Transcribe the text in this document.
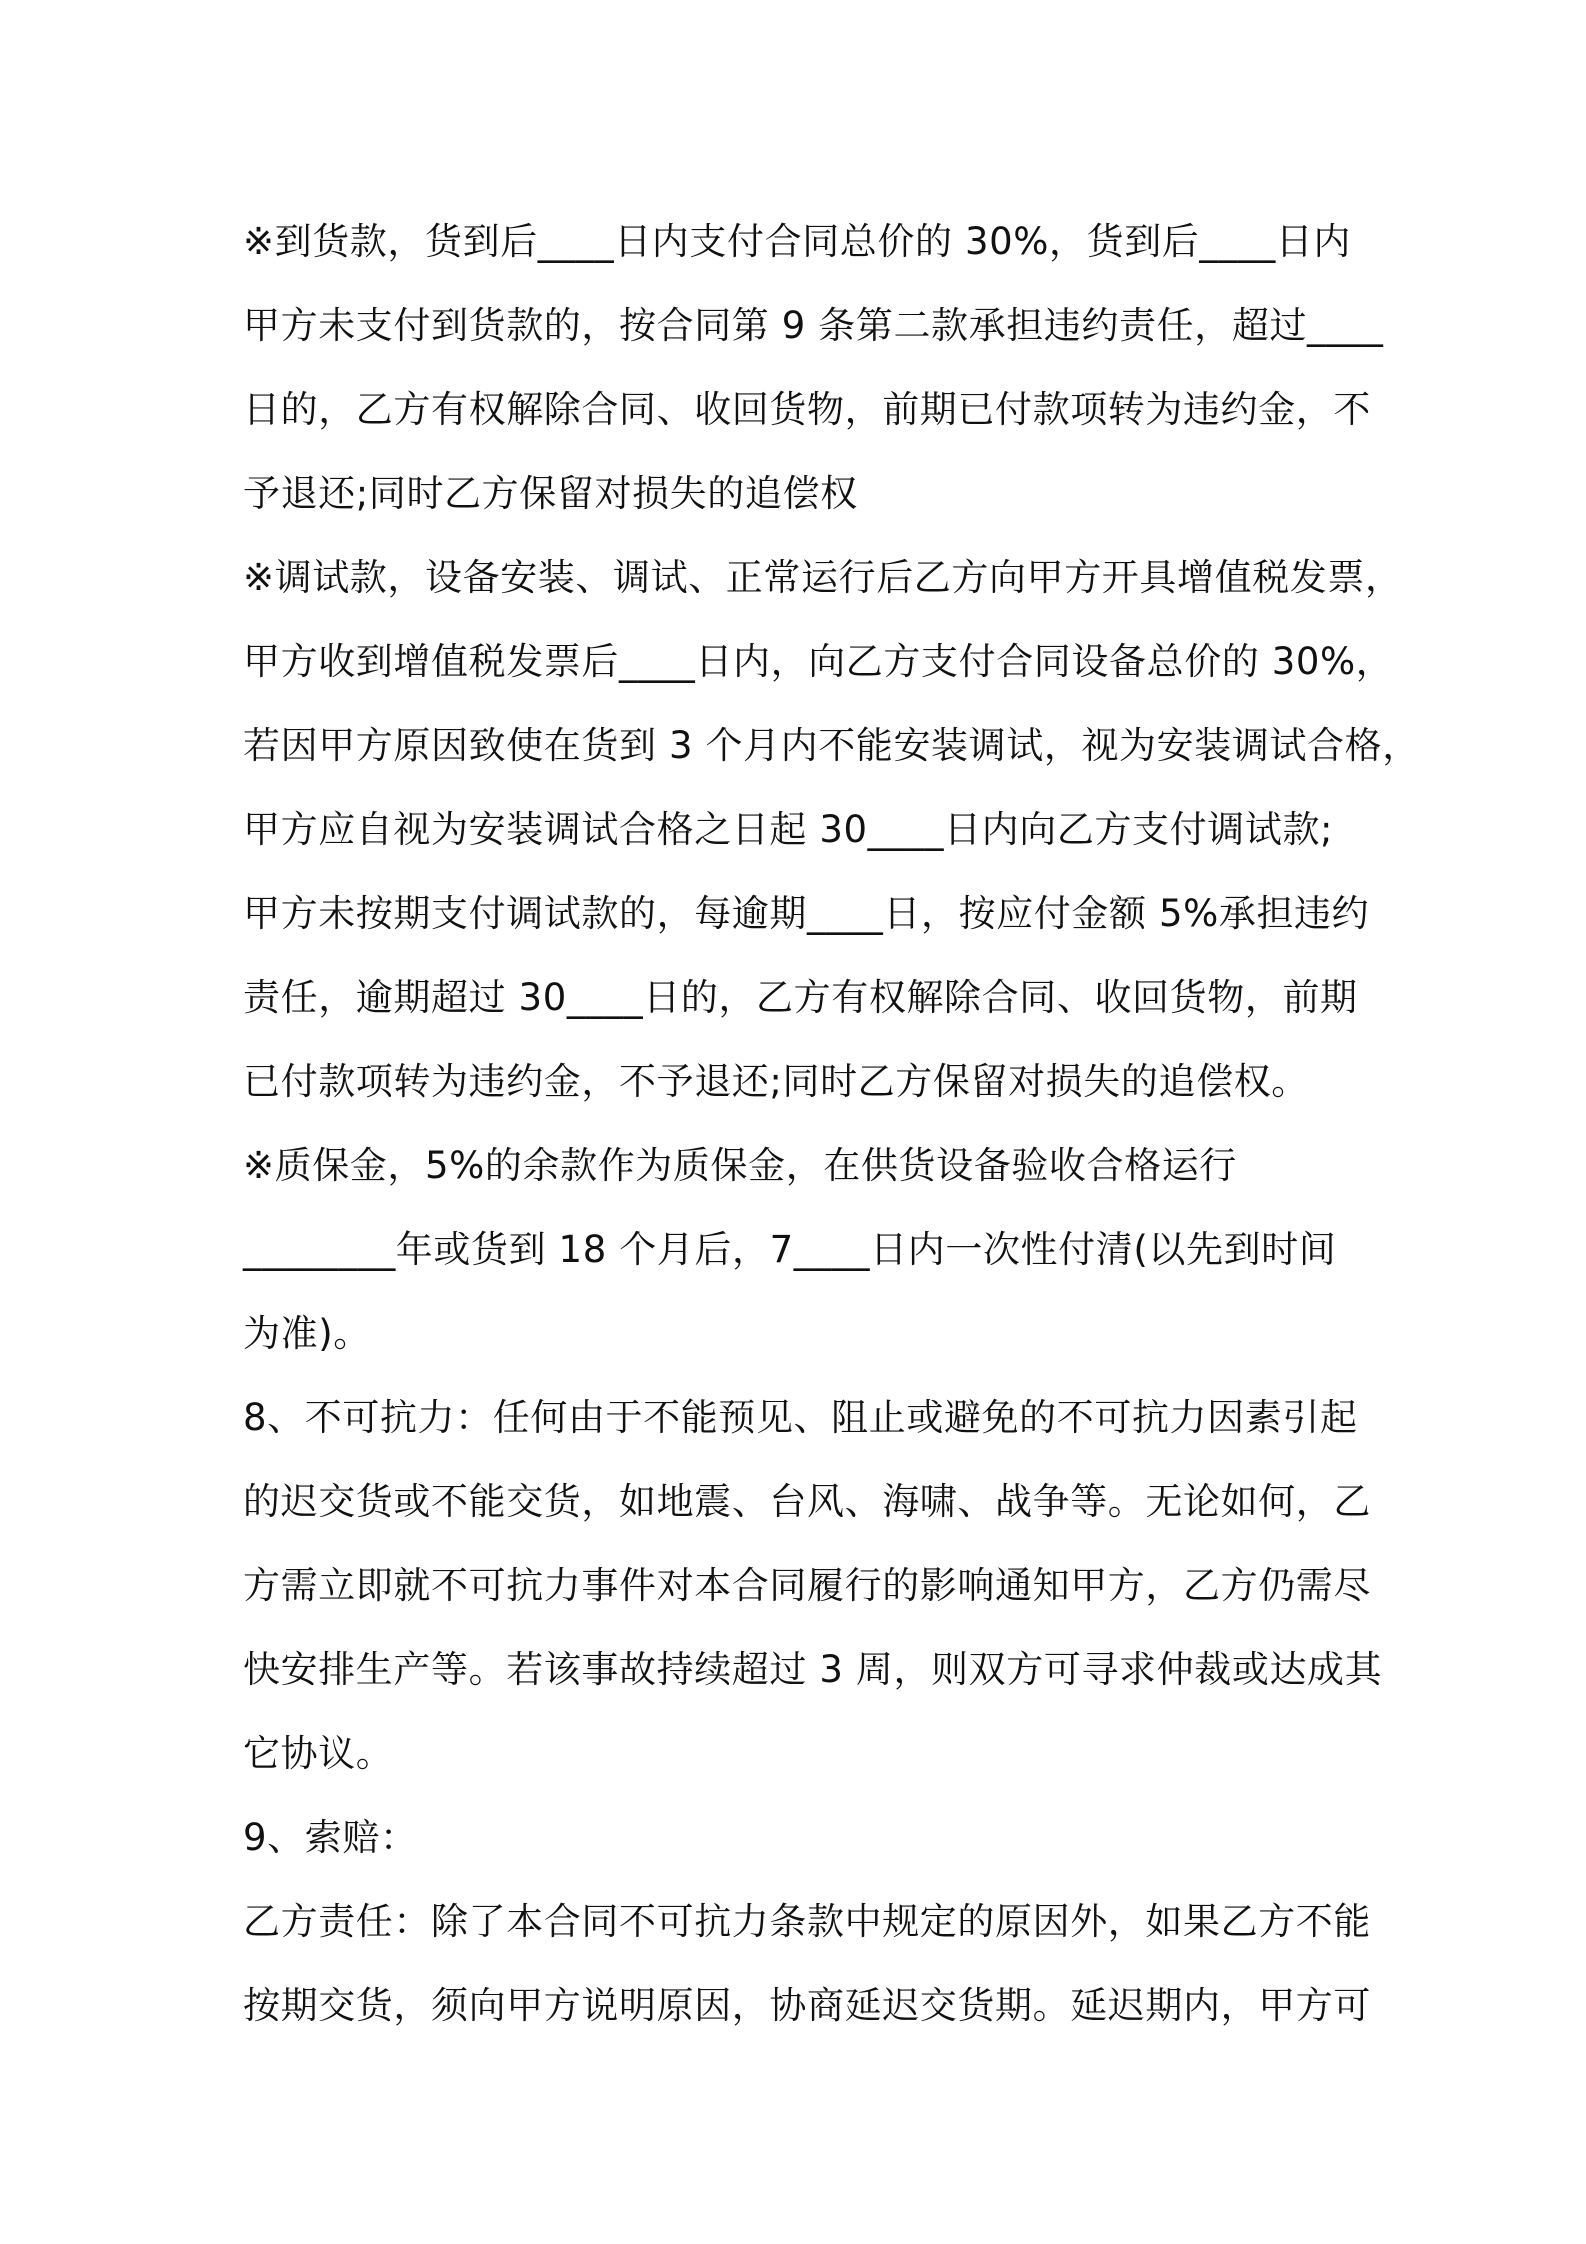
※到货款，货到后____日内支付合同总价的 30%，货到后____日内
甲方未支付到货款的，按合同第 9 条第二款承担违约责任，超过____
日的，乙方有权解除合同、收回货物，前期已付款项转为违约金，不
予退还;同时乙方保留对损失的追偿权
※调试款，设备安装、调试、正常运行后乙方向甲方开具增值税发票，
甲方收到增值税发票后____日内，向乙方支付合同设备总价的 30%，
若因甲方原因致使在货到 3 个月内不能安装调试，视为安装调试合格，
甲方应自视为安装调试合格之日起 30____日内向乙方支付调试款;
甲方未按期支付调试款的，每逾期____日，按应付金额 5%承担违约
责任，逾期超过 30____日的，乙方有权解除合同、收回货物，前期
已付款项转为违约金，不予退还;同时乙方保留对损失的追偿权。
※质保金，5%的余款作为质保金，在供货设备验收合格运行
________年或货到 18 个月后，7____日内一次性付清(以先到时间
为准)。
8、不可抗力：任何由于不能预见、阻止或避免的不可抗力因素引起
的迟交货或不能交货，如地震、台风、海啸、战争等。无论如何，乙
方需立即就不可抗力事件对本合同履行的影响通知甲方，乙方仍需尽
快安排生产等。若该事故持续超过 3 周，则双方可寻求仲裁或达成其
它协议。
9、索赔：
乙方责任：除了本合同不可抗力条款中规定的原因外，如果乙方不能
按期交货，须向甲方说明原因，协商延迟交货期。延迟期内，甲方可
